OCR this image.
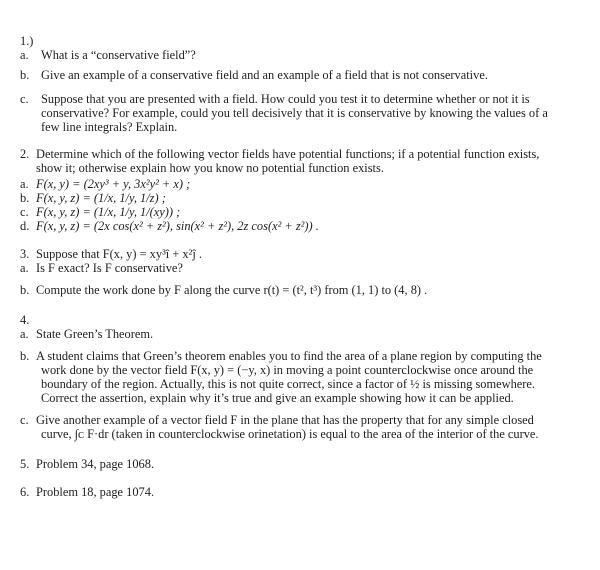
1.)
a. What is a “conservative field”?
b. Give an example of a conservative field and an example of a field that is not conservative.
c. Suppose that you are presented with a field. How could you test it to determine whether or not it is
conservative? For example, could you tell decisively that it is conservative by knowing the values of a
few line integrals? Explain.
2. Determine which of the following vector fields have potential functions; if a potential function exists,
show it; otherwise explain how you know no potential function exists.
a. F(x, y) = (2xy³ + y, 3x²y² + x) ;
b. F(x, y, z) = (1/x, 1/y, 1/z) ;
c. F(x, y, z) = (1/x, 1/y, 1/(xy)) ;
d. F(x, y, z) = (2x cos(x² + z²), sin(x² + z²), 2z cos(x² + z²)) .
3. Suppose that F(x, y) = xy³î + x²ĵ .
a. Is F exact? Is F conservative?
b. Compute the work done by F along the curve r(t) = (t², t³) from (1, 1) to (4, 8) .
4.
a. State Green’s Theorem.
b. A student claims that Green’s theorem enables you to find the area of a plane region by computing the
work done by the vector field F(x, y) = (−y, x) in moving a point counterclockwise once around the
boundary of the region. Actually, this is not quite correct, since a factor of ½ is missing somewhere.
Correct the assertion, explain why it’s true and give an example showing how it can be applied.
c. Give another example of a vector field F in the plane that has the property that for any simple closed
curve, ∫ᴄ F·dr (taken in counterclockwise orinetation) is equal to the area of the interior of the curve.
5. Problem 34, page 1068.
6. Problem 18, page 1074.
